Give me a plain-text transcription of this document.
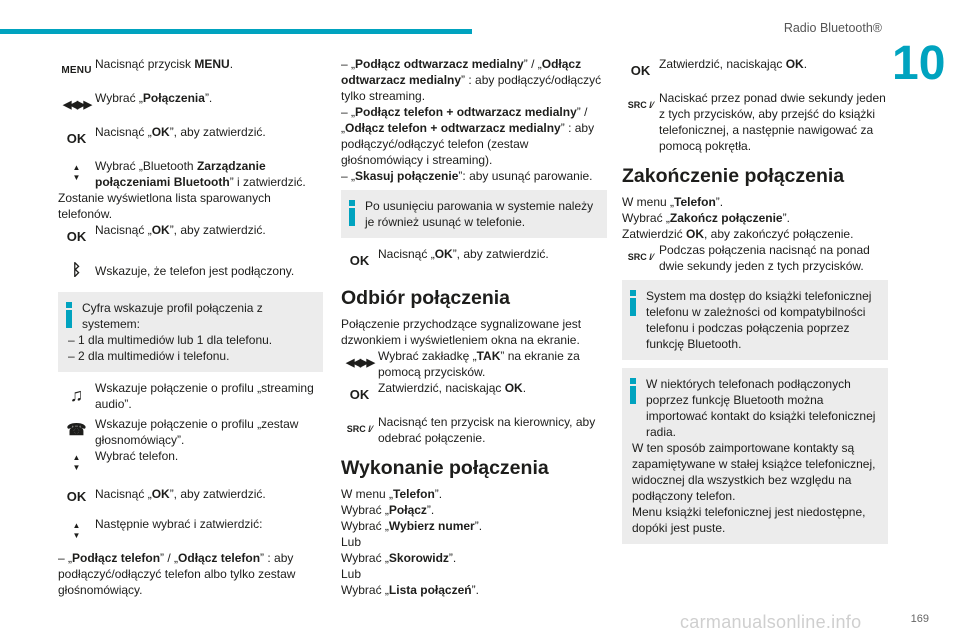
Radio Bluetooth®
10
carmanualsonline.info	169
MENU Nacisnąć przycisk MENU.
◀◀ ▶▶ Wybrać „Połączenia”.
OK Nacisnąć „OK”, aby zatwierdzić.
▲
▼
Wybrać „Bluetooth Zarządzanie połączeniami Bluetooth” i zatwierdzić.

Zostanie wyświetlona lista sparowanych telefonów.

OK Nacisnąć „OK”, aby zatwierdzić.
ᛒ	Wskazuje, że telefon jest podłączony.
Cyfra wskazuje profil połączenia z systemem:

– 1 dla multimediów lub 1 dla telefonu.

– 2 dla multimediów i telefonu.

♫ Wskazuje połączenie o profilu „streaming audio”.
☎ Wskazuje połączenie o profilu „zestaw głosnomówiący”.
▲
▼
Wybrać telefon.
OK Nacisnąć „OK”, aby zatwierdzić.
▲
▼
Następnie wybrać i zatwierdzić:

– „Podłącz telefon” / „Odłącz telefon” : aby podłączyć/odłączyć telefon albo tylko zestaw głośnomówiący.

– „Podłącz odtwarzacz medialny” / „Odłącz odtwarzacz medialny” : aby podłączyć/odłączyć tylko streaming.

– „Podłącz telefon + odtwarzacz medialny” / „Odłącz telefon + odtwarzacz medialny” : aby podłączyć/odłączyć telefon (zestaw głośnomówiący i streaming).

– „Skasuj połączenie”: aby usunąć parowanie.

Po usunięciu parowania w systemie należy je również usunąć w telefonie.
OK Nacisnąć „OK”, aby zatwierdzić.
Odbiór połączenia

Połączenie przychodzące sygnalizowane jest dzwonkiem i wyświetleniem okna na ekranie.

◀◀ ▶▶ Wybrać zakładkę „TAK” na ekranie za pomocą przycisków.
OK Zatwierdzić, naciskając OK.
SRC /⁄ Nacisnąć ten przycisk na kierownicy, aby odebrać połączenie.
Wykonanie połączenia

W menu „Telefon”.

Wybrać „Połącz”.

Wybrać „Wybierz numer”.

Lub

Wybrać „Skorowidz”.

Lub

Wybrać „Lista połączeń”.

OK Zatwierdzić, naciskając OK.
SRC /⁄ Naciskać przez ponad dwie sekundy jeden z tych przycisków, aby przejść do książki telefonicznej, a następnie nawigować za pomocą pokrętła.
Zakończenie połączenia

W menu „Telefon”.

Wybrać „Zakończ połączenie”.

Zatwierdzić OK, aby zakończyć połączenie.

SRC /⁄ Podczas połączenia nacisnąć na ponad dwie sekundy jeden z tych przycisków.
System ma dostęp do książki telefonicznej telefonu w zależności od kompatybilności telefonu i podczas połączenia poprzez funkcję Bluetooth.
W niektórych telefonach podłączonych poprzez funkcję Bluetooth można importować kontakt do książki telefonicznej radia.

W ten sposób zaimportowane kontakty są zapamiętywane w stałej książce telefonicznej, widocznej dla wszystkich bez względu na podłączony telefon.

Menu książki telefonicznej jest niedostępne, dopóki jest puste.
